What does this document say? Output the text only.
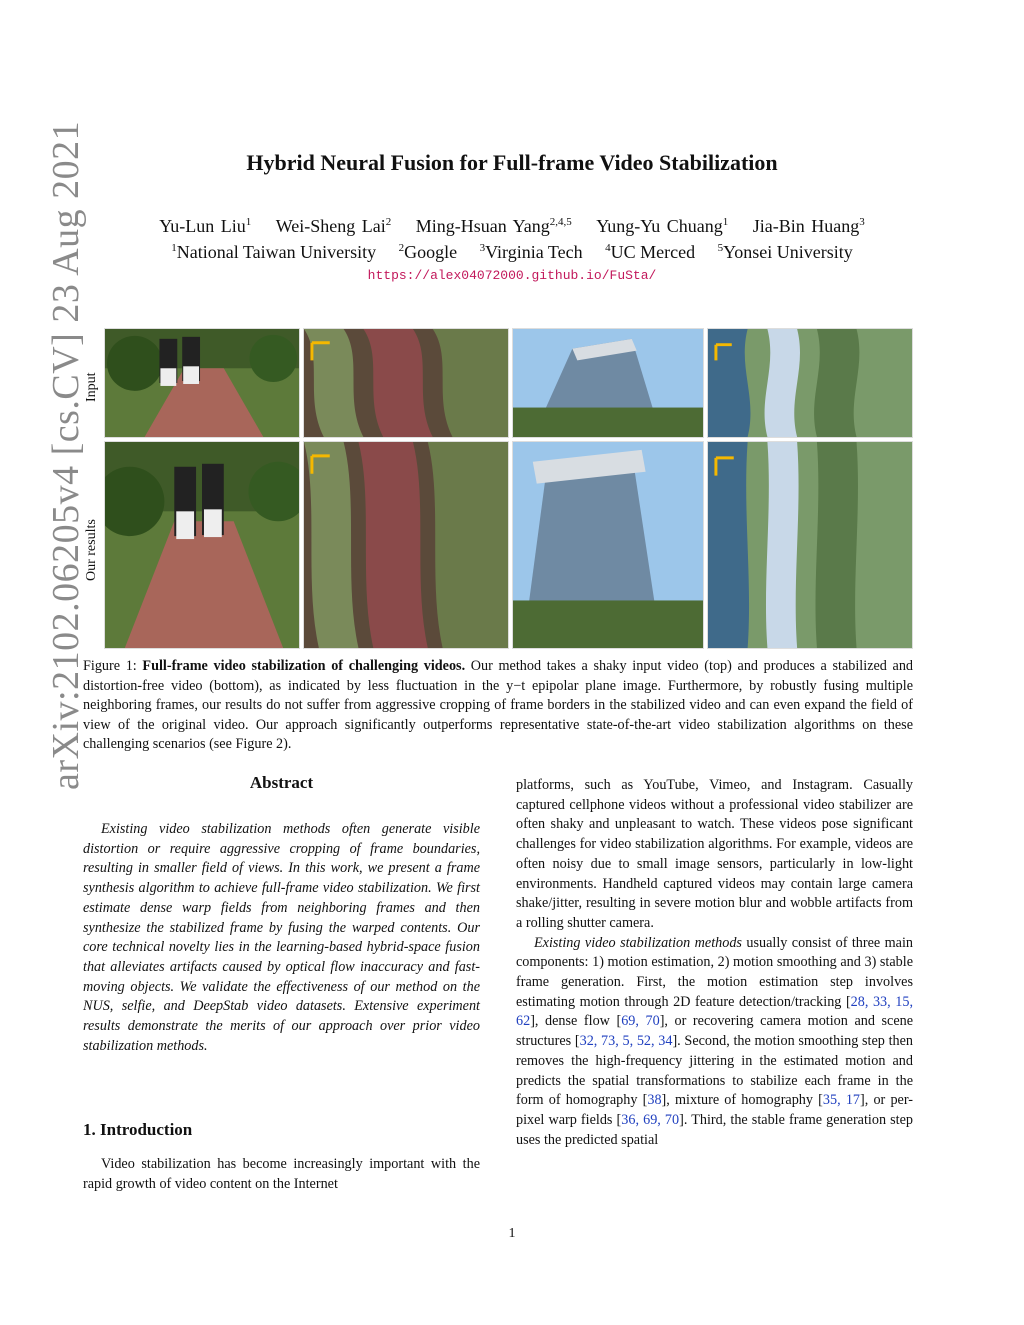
arXiv:2102.06205v4 [cs.CV] 23 Aug 2021	Hybrid Neural Fusion for Full-frame Video Stabilization
Yu-Lun Liu$^1$ Wei-Sheng Lai$^2$ Ming-Hsuan Yang$^{2,4,5}$ Yung-Yu Chuang$^1$ Jia-Bin Huang$^3$
$^1$National Taiwan University $^2$Google $^3$Virginia Tech $^4$UC Merced $^5$Yonsei University
https://alex04072000.github.io/FuSta/
Input
Our results
Figure 1: Full-frame video stabilization of challenging videos. Our method takes a shaky input video (top) and produces a stabilized and distortion-free video (bottom), as indicated by less fluctuation in the y−t epipolar plane image. Furthermore, by robustly fusing multiple neighboring frames, our results do not suffer from aggressive cropping of frame borders in the stabilized video and can even expand the field of view of the original video. Our approach significantly outperforms representative state-of-the-art video stabilization algorithms on these challenging scenarios (see Figure 2).
Abstract

Existing video stabilization methods often generate visible distortion or require aggressive cropping of frame boundaries, resulting in smaller field of views. In this work, we present a frame synthesis algorithm to achieve full-frame video stabilization. We first estimate dense warp fields from neighboring frames and then synthesize the stabilized frame by fusing the warped contents. Our core technical novelty lies in the learning-based hybrid-space fusion that alleviates artifacts caused by optical flow inaccuracy and fast-moving objects. We validate the effectiveness of our method on the NUS, selfie, and DeepStab video datasets. Extensive experiment results demonstrate the merits of our approach over prior video stabilization methods.

1. Introduction

Video stabilization has become increasingly important with the rapid growth of video content on the Internet

platforms, such as YouTube, Vimeo, and Instagram. Casually captured cellphone videos without a professional video stabilizer are often shaky and unpleasant to watch. These videos pose significant challenges for video stabilization algorithms. For example, videos are often noisy due to small image sensors, particularly in low-light environments. Handheld captured videos may contain large camera shake/jitter, resulting in severe motion blur and wobble artifacts from a rolling shutter camera.

Existing video stabilization methods usually consist of three main components: 1) motion estimation, 2) motion smoothing and 3) stable frame generation. First, the motion estimation step involves estimating motion through 2D feature detection/tracking [28, 33, 15, 62], dense flow [69, 70], or recovering camera motion and scene structures [32, 73, 5, 52, 34]. Second, the motion smoothing step then removes the high-frequency jittering in the estimated motion and predicts the spatial transformations to stabilize each frame in the form of homography [38], mixture of homography [35, 17], or per-pixel warp fields [36, 69, 70]. Third, the stable frame generation step uses the predicted spatial

1
